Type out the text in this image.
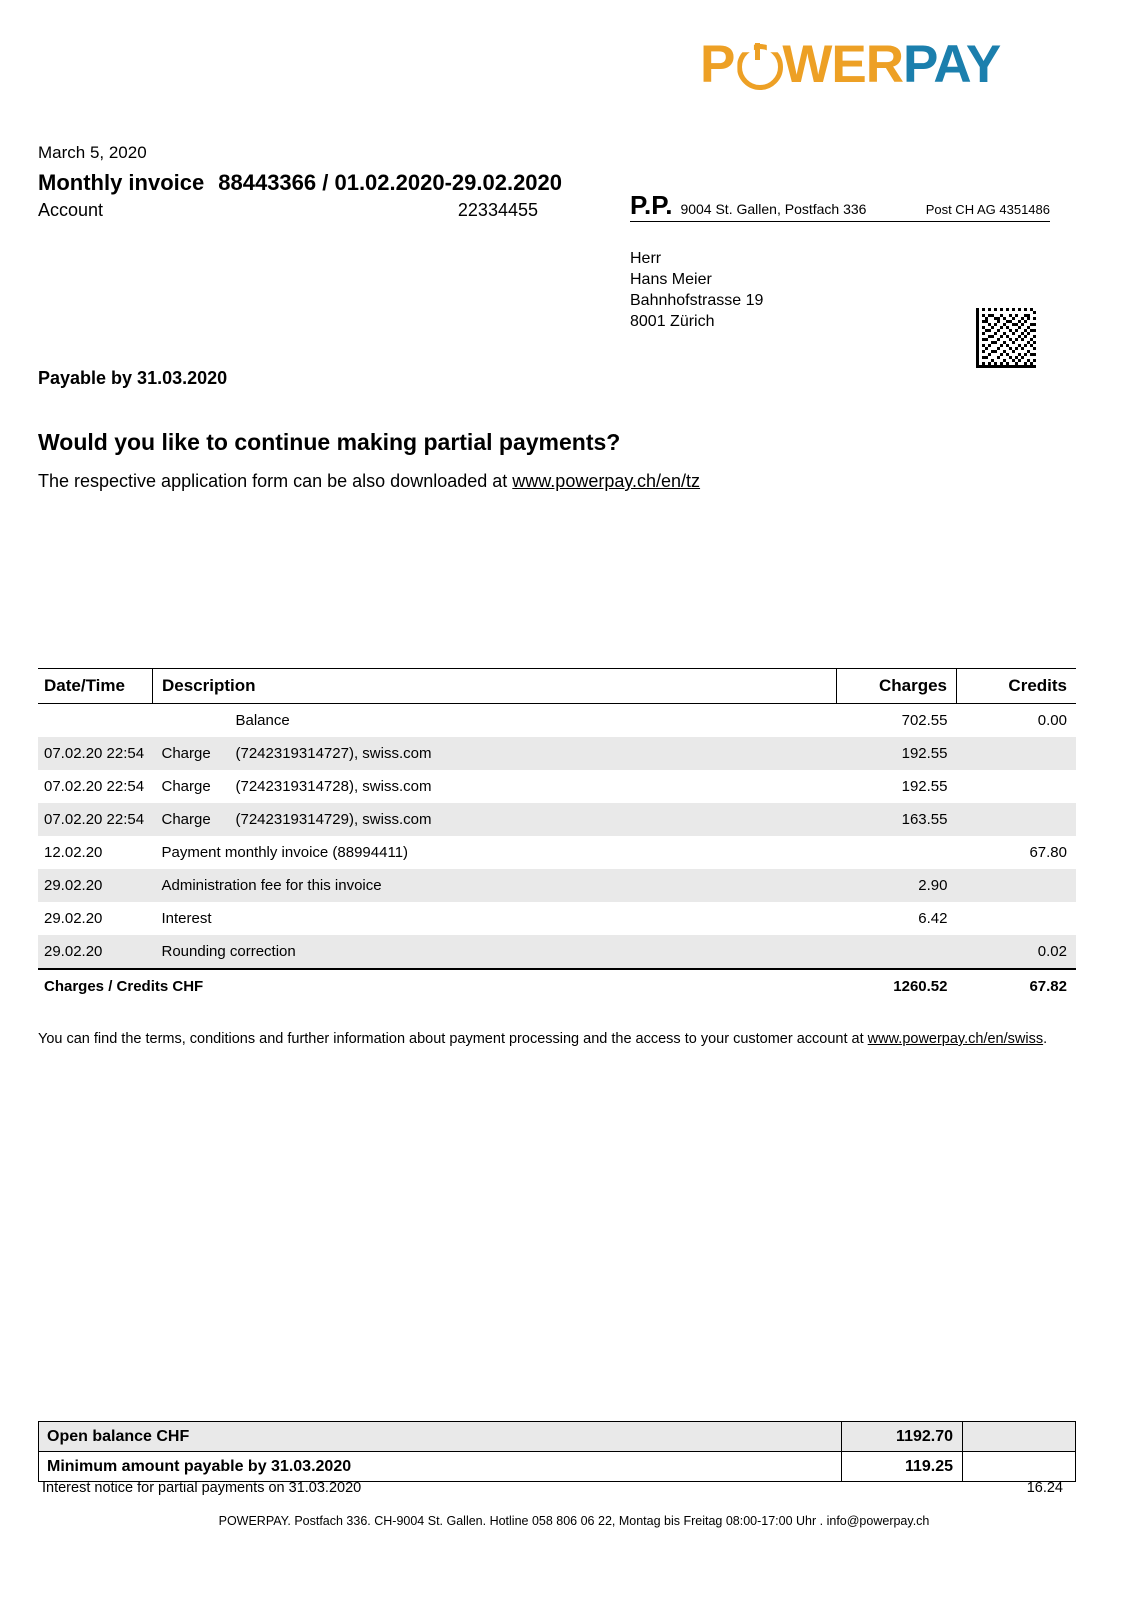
P WERPAY
March 5, 2020
Monthly invoice 88443366 / 01.02.2020-29.02.2020
Account	22334455	P.P. 9004 St. Gallen, Postfach 336	Post CH AG 4351486
Herr
Hans Meier
Bahnhofstrasse 19
8001 Zürich
Payable by 31.03.2020
Would you like to continue making partial payments?
The respective application form can be also downloaded at www.powerpay.ch/en/tz
Date/Time	Description	Charges	Credits
	Balance	702.55	0.00
07.02.20 22:54	Charge (7242319314727), swiss.com	192.55	
07.02.20 22:54	Charge (7242319314728), swiss.com	192.55	
07.02.20 22:54	Charge (7242319314729), swiss.com	163.55	
12.02.20	Payment monthly invoice (88994411)		67.80
29.02.20	Administration fee for this invoice	2.90	
29.02.20	Interest	6.42	
29.02.20	Rounding correction		0.02
Charges / Credits CHF		1260.52	67.82
You can find the terms, conditions and further information about payment processing and the access to your customer account at www.powerpay.ch/en/swiss.
Open balance CHF	1192.70	
Minimum amount payable by 31.03.2020	119.25	
Interest notice for partial payments on 31.03.2020	16.24
POWERPAY. Postfach 336. CH-9004 St. Gallen. Hotline 058 806 06 22, Montag bis Freitag 08:00-17:00 Uhr . info@powerpay.ch
